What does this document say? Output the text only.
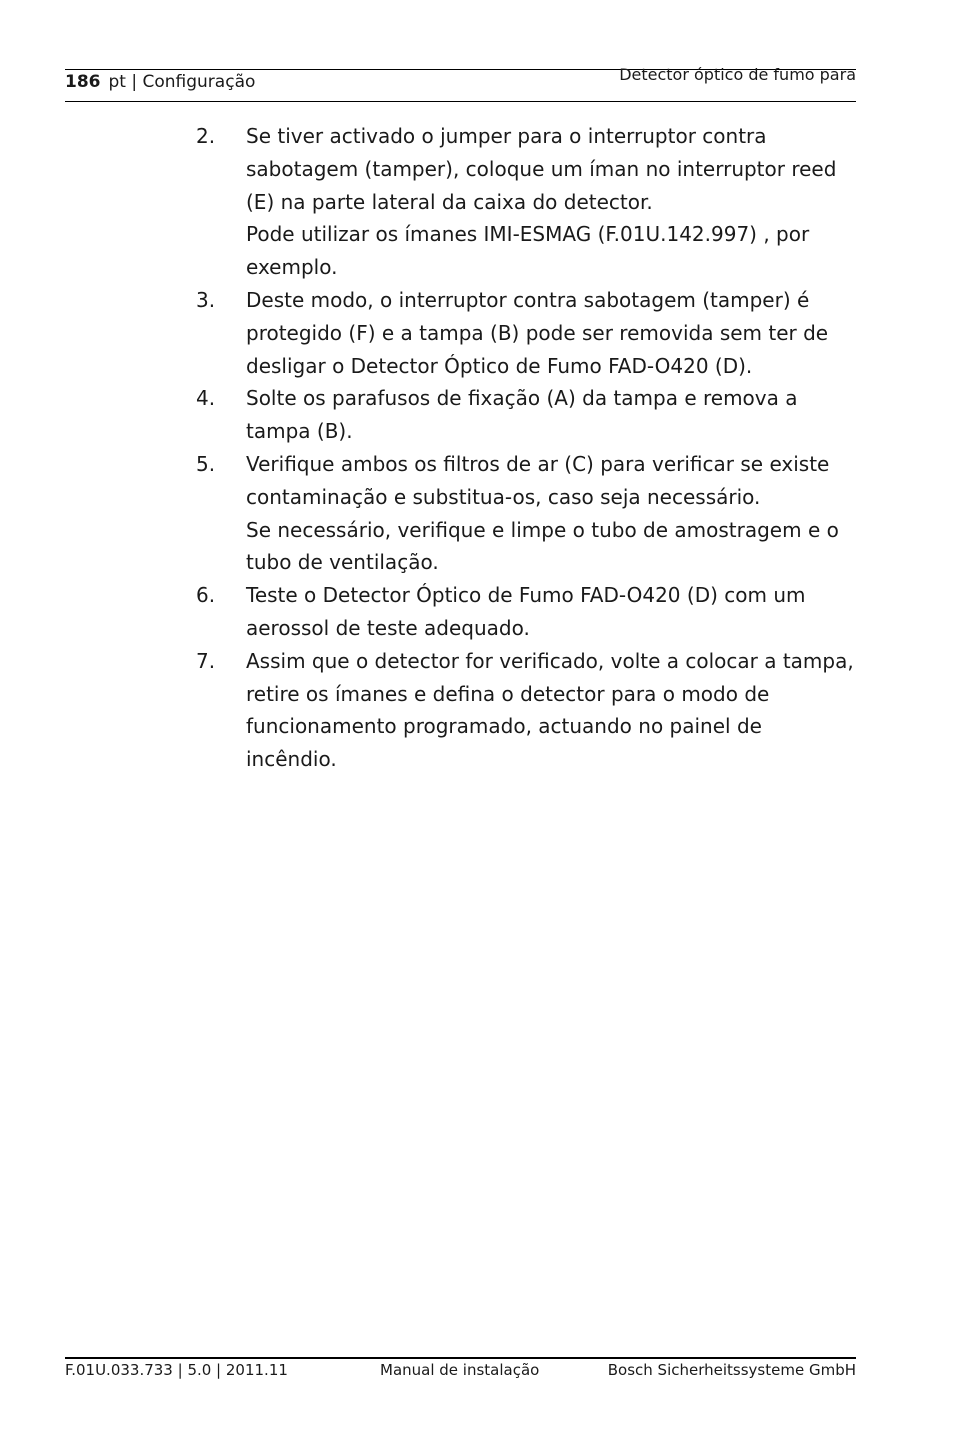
186 pt | Configuração	Detector óptico de fumo para
2. Se tiver activado o jumper para o interruptor contra sabotagem (tamper), coloque um íman no interruptor reed (E) na parte lateral da caixa do detector.

Pode utilizar os ímanes IMI-ESMAG (F.01U.142.997) , por exemplo.

3. Deste modo, o interruptor contra sabotagem (tamper) é protegido (F) e a tampa (B) pode ser removida sem ter de desligar o Detector Óptico de Fumo FAD-O420 (D).

4. Solte os parafusos de fixação (A) da tampa e remova a tampa (B).

5. Verifique ambos os filtros de ar (C) para verificar se existe contaminação e substitua-os, caso seja necessário.

Se necessário, verifique e limpe o tubo de amostragem e o tubo de ventilação.

6. Teste o Detector Óptico de Fumo FAD-O420 (D) com um aerossol de teste adequado.

7. Assim que o detector for verificado, volte a colocar a tampa, retire os ímanes e defina o detector para o modo de funcionamento programado, actuando no painel de incêndio.

F.01U.033.733 | 5.0 | 2011.11	Manual de instalação	Bosch Sicherheitssysteme GmbH
